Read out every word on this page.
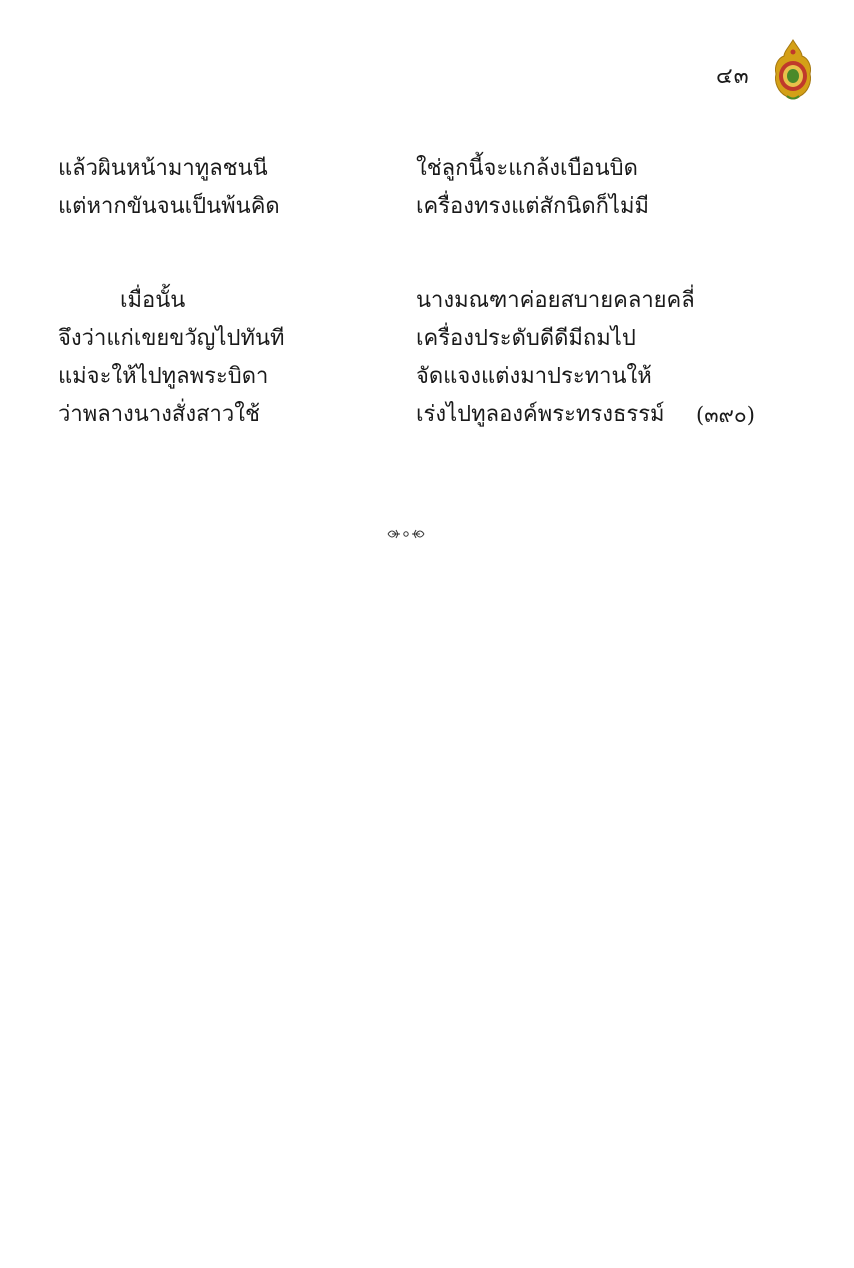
๔๓
แล้วผินหน้ามาทูลชนนี	ใช่ลูกนี้จะแกล้งเบือนบิด
แต่หากขันจนเป็นพ้นคิด	เครื่องทรงแต่สักนิดก็ไม่มี
เมื่อนั้น	นางมณฑาค่อยสบายคลายคลี่
จึงว่าแก่เขยขวัญไปทันที	เครื่องประดับดีดีมีถมไป
แม่จะให้ไปทูลพระบิดา	จัดแจงแต่งมาประทานให้
ว่าพลางนางสั่งสาวใช้	เร่งไปทูลองค์พระทรงธรรม์ (๓๙๐)
